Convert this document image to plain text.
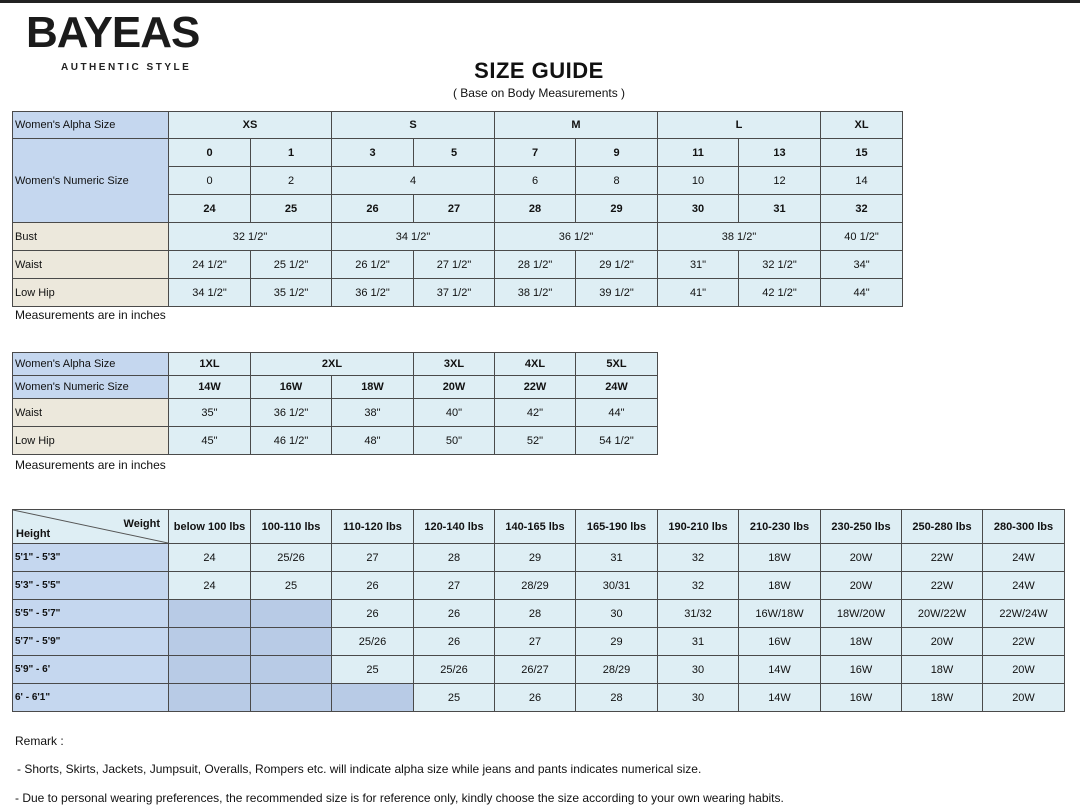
BAYEAS
AUTHENTIC STYLE	SIZE GUIDE
( Base on Body Measurements )
Women's Alpha Size	XS		S		M		L		XL
Women's Numeric Size	0	1	3	5	7	9	11	13	15
	0	2	4		6	8	10	12	14
	24	25	26	27	28	29	30	31	32
Bust	32 1/2"		34 1/2"		36 1/2"		38 1/2"		40 1/2"
Waist	24 1/2"	25 1/2"	26 1/2"	27 1/2"	28 1/2"	29 1/2"	31"	32 1/2"	34"
Low Hip	34 1/2"	35 1/2"	36 1/2"	37 1/2"	38 1/2"	39 1/2"	41"	42 1/2"	44"
Measurements are in inches
Women's Alpha Size	1XL	2XL		3XL	4XL	5XL
Women's Numeric Size	14W	16W	18W	20W	22W	24W
Waist	35"	36 1/2"	38"	40"	42"	44"
Low Hip	45"	46 1/2"	48"	50"	52"	54 1/2"
Measurements are in inches
Weight
Height	below 100 lbs	100-110 lbs	110-120 lbs	120-140 lbs	140-165 lbs	165-190 lbs	190-210 lbs	210-230 lbs	230-250 lbs	250-280 lbs	280-300 lbs
5'1" - 5'3"	24	25/26	27	28	29	31	32	18W	20W	22W	24W
5'3" - 5'5"	24	25	26	27	28/29	30/31	32	18W	20W	22W	24W
5'5" - 5'7"			26	26	28	30	31/32	16W/18W	18W/20W	20W/22W	22W/24W
5'7" - 5'9"			25/26	26	27	29	31	16W	18W	20W	22W
5'9" - 6'			25	25/26	26/27	28/29	30	14W	16W	18W	20W
6' - 6'1"				25	26	28	30	14W	16W	18W	20W
Remark :
- Shorts, Skirts, Jackets, Jumpsuit, Overalls, Rompers etc. will indicate alpha size while jeans and pants indicates numerical size.
- Due to personal wearing preferences, the recommended size is for reference only, kindly choose the size according to your own wearing habits.
